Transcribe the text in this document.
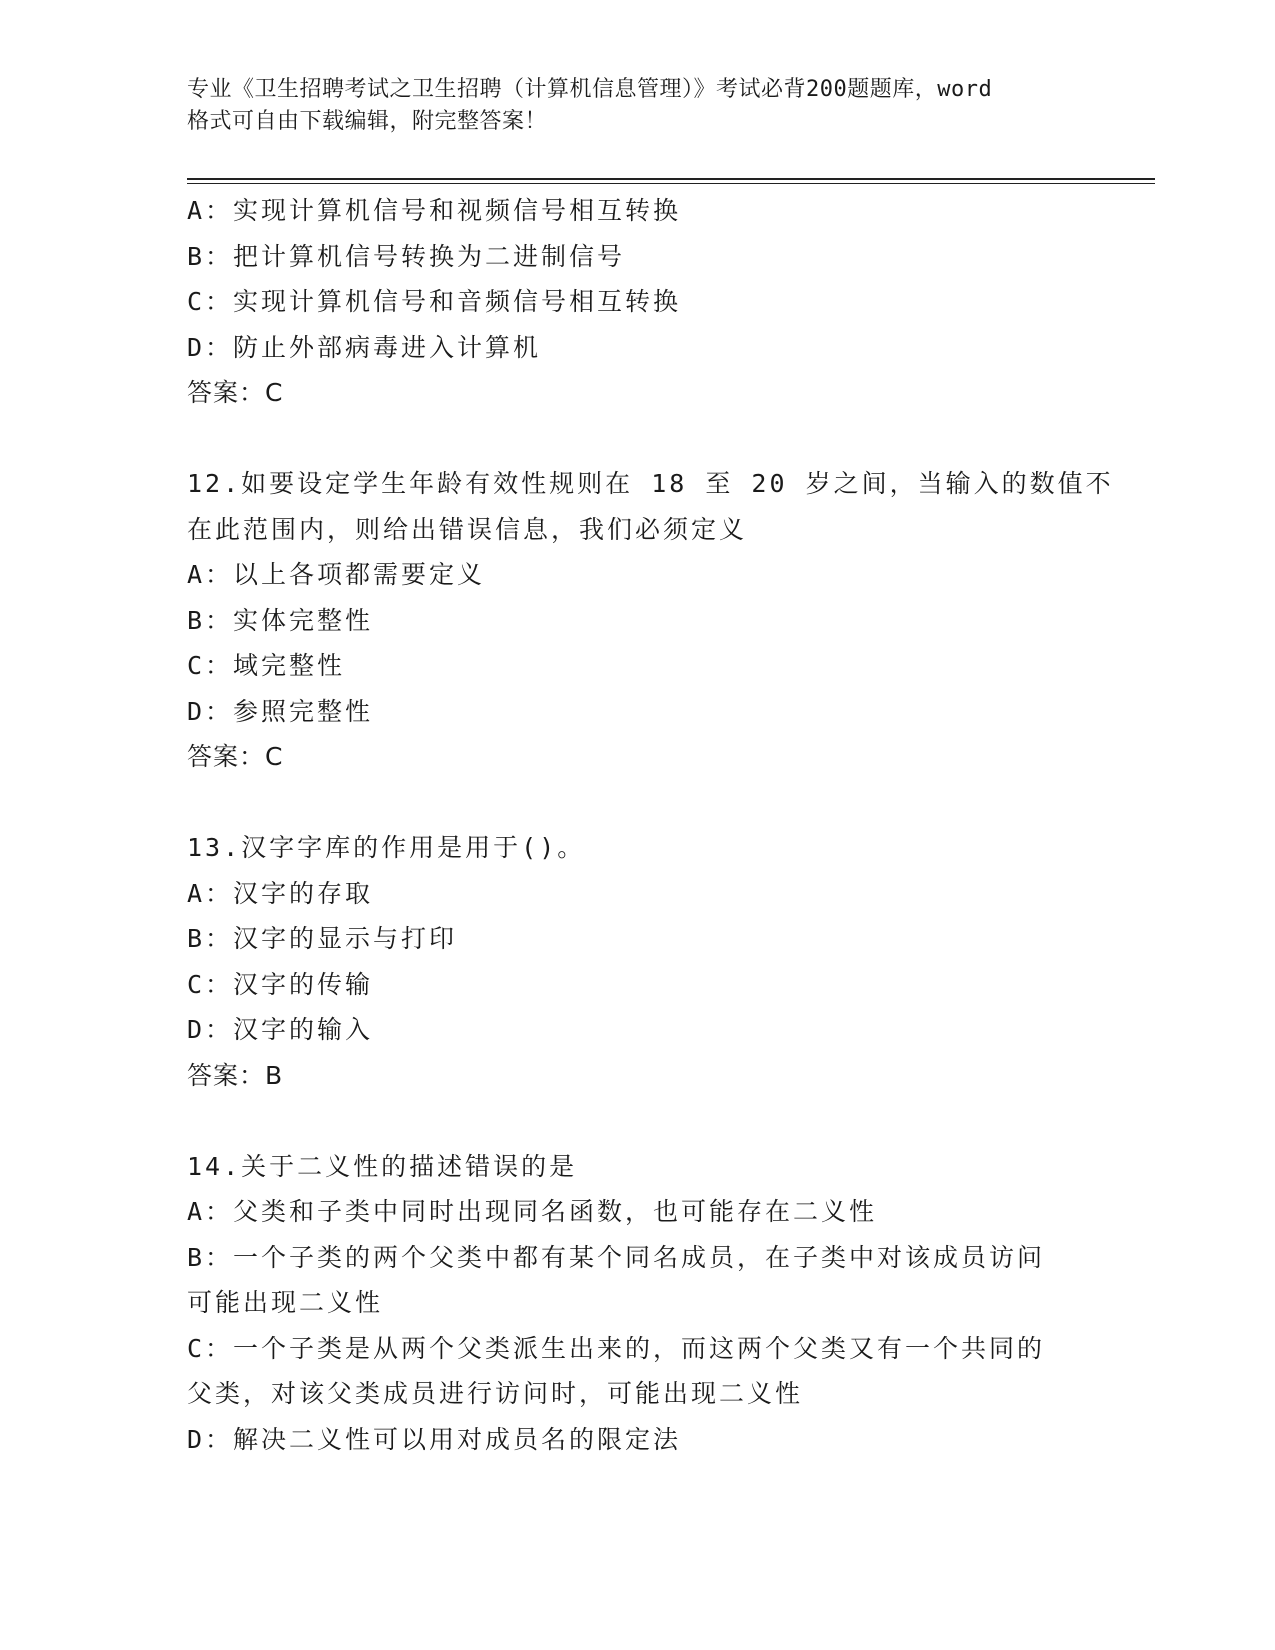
专业《卫生招聘考试之卫生招聘（计算机信息管理）》考试必背200题题库，word
格式可自由下载编辑，附完整答案！
A：实现计算机信号和视频信号相互转换
B：把计算机信号转换为二进制信号
C：实现计算机信号和音频信号相互转换
D：防止外部病毒进入计算机
答案：C
12.如要设定学生年龄有效性规则在 18 至 20 岁之间，当输入的数值不
在此范围内，则给出错误信息，我们必须定义
A：以上各项都需要定义
B：实体完整性
C：域完整性
D：参照完整性
答案：C
13.汉字字库的作用是用于()。
A：汉字的存取
B：汉字的显示与打印
C：汉字的传输
D：汉字的输入
答案：B
14.关于二义性的描述错误的是
A：父类和子类中同时出现同名函数，也可能存在二义性
B：一个子类的两个父类中都有某个同名成员，在子类中对该成员访问
可能出现二义性
C：一个子类是从两个父类派生出来的，而这两个父类又有一个共同的
父类，对该父类成员进行访问时，可能出现二义性
D：解决二义性可以用对成员名的限定法
